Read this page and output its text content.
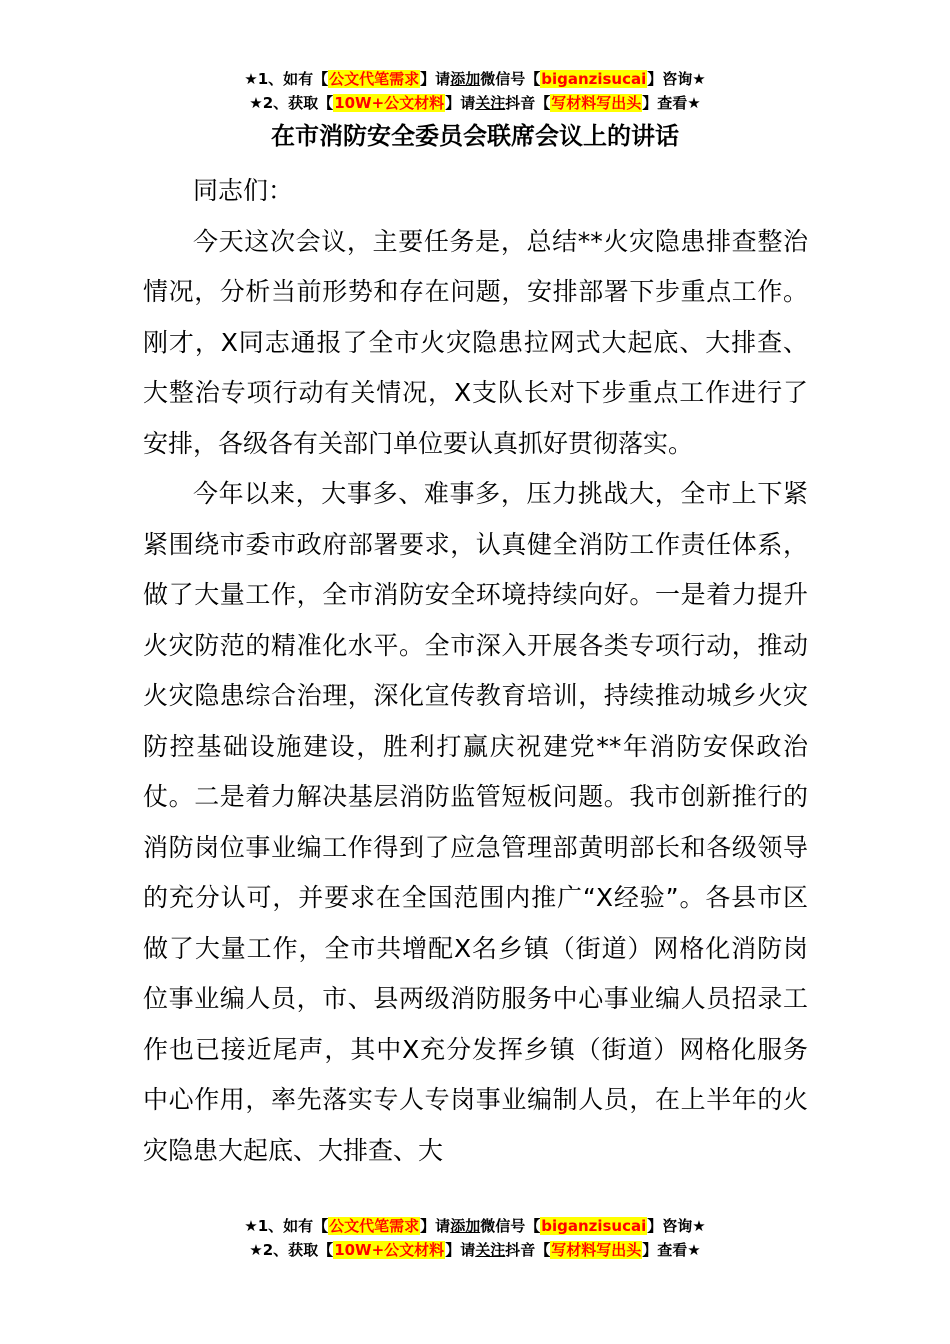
★1、如有【公文代笔需求】请添加微信号【biganzisucai】咨询★
★2、获取【10W+公文材料】请关注抖音【写材料写出头】查看★
在市消防安全委员会联席会议上的讲话

同志们：

今天这次会议，主要任务是，总结**火灾隐患排查整治情况，分析当前形势和存在问题，安排部署下步重点工作。刚才，X同志通报了全市火灾隐患拉网式大起底、大排查、大整治专项行动有关情况，X支队长对下步重点工作进行了安排，各级各有关部门单位要认真抓好贯彻落实。

今年以来，大事多、难事多，压力挑战大，全市上下紧紧围绕市委市政府部署要求，认真健全消防工作责任体系，做了大量工作，全市消防安全环境持续向好。一是着力提升火灾防范的精准化水平。全市深入开展各类专项行动，推动火灾隐患综合治理，深化宣传教育培训，持续推动城乡火灾防控基础设施建设，胜利打赢庆祝建党**年消防安保政治仗。二是着力解决基层消防监管短板问题。我市创新推行的消防岗位事业编工作得到了应急管理部黄明部长和各级领导的充分认可，并要求在全国范围内推广“X经验”。各县市区做了大量工作，全市共增配X名乡镇（街道）网格化消防岗位事业编人员，市、县两级消防服务中心事业编人员招录工作也已接近尾声，其中X充分发挥乡镇（街道）网格化服务中心作用，率先落实专人专岗事业编制人员，在上半年的火灾隐患大起底、大排查、大

★1、如有【公文代笔需求】请添加微信号【biganzisucai】咨询★
★2、获取【10W+公文材料】请关注抖音【写材料写出头】查看★
